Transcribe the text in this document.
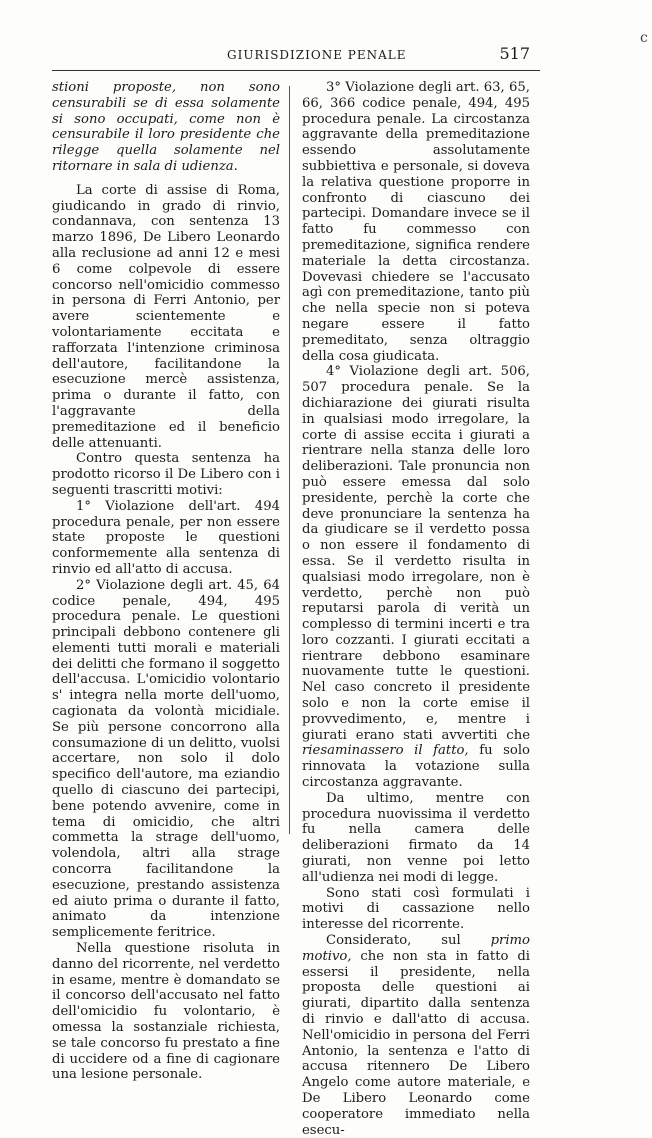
c
GIURISDIZIONE PENALE	517

stioni proposte, non sono censurabili se di essa solamente si sono occupati, come non è censurabile il loro presidente che rilegge quella solamente nel ritornare in sala di udienza.

La corte di assise di Roma, giudicando in grado di rinvio, condannava, con sentenza 13 marzo 1896, De Libero Leonardo alla reclusione ad anni 12 e mesi 6 come colpevole di essere concorso nell'omicidio commesso in persona di Ferri Antonio, per avere scientemente e volontariamente eccitata e rafforzata l'intenzione criminosa dell'autore, facilitandone la esecuzione mercè assistenza, prima o durante il fatto, con l'aggravante della premeditazione ed il beneficio delle attenuanti.

Contro questa sentenza ha prodotto ricorso il De Libero con i seguenti trascritti motivi:

1° Violazione dell'art. 494 procedura penale, per non essere state proposte le questioni conformemente alla sentenza di rinvio ed all'atto di accusa.

2° Violazione degli art. 45, 64 codice penale, 494, 495 procedura penale. Le questioni principali debbono contenere gli elementi tutti morali e materiali dei delitti che formano il soggetto dell'accusa. L'omicidio volontario s' integra nella morte dell'uomo, cagionata da volontà micidiale. Se più persone concorrono alla consumazione di un delitto, vuolsi accertare, non solo il dolo specifico dell'autore, ma eziandio quello di ciascuno dei partecipi, bene potendo avvenire, come in tema di omicidio, che altri commetta la strage dell'uomo, volendola, altri alla strage concorra facilitandone la esecuzione, prestando assistenza ed aiuto prima o durante il fatto, animato da intenzione semplicemente feritrice.

Nella questione risoluta in danno del ricorrente, nel verdetto in esame, mentre è domandato se il concorso dell'accusato nel fatto dell'omicidio fu volontario, è omessa la sostanziale richiesta, se tale concorso fu prestato a fine di uccidere od a fine di cagionare una lesione personale.

3° Violazione degli art. 63, 65, 66, 366 codice penale, 494, 495 procedura penale. La circostanza aggravante della premeditazione essendo assolutamente subbiettiva e personale, si doveva la relativa questione proporre in confronto di ciascuno dei partecipi. Domandare invece se il fatto fu commesso con premeditazione, significa rendere materiale la detta circostanza. Dovevasi chiedere se l'accusato agì con premeditazione, tanto più che nella specie non si poteva negare essere il fatto premeditato, senza oltraggio della cosa giudicata.

4° Violazione degli art. 506, 507 procedura penale. Se la dichiarazione dei giurati risulta in qualsiasi modo irregolare, la corte di assise eccita i giurati a rientrare nella stanza delle loro deliberazioni. Tale pronuncia non può essere emessa dal solo presidente, perchè la corte che deve pronunciare la sentenza ha da giudicare se il verdetto possa o non essere il fondamento di essa. Se il verdetto risulta in qualsiasi modo irregolare, non è verdetto, perchè non può reputarsi parola di verità un complesso di termini incerti e tra loro cozzanti. I giurati eccitati a rientrare debbono esaminare nuovamente tutte le questioni. Nel caso concreto il presidente solo e non la corte emise il provvedimento, e, mentre i giurati erano stati avvertiti che riesaminassero il fatto, fu solo rinnovata la votazione sulla circostanza aggravante.

Da ultimo, mentre con procedura nuovissima il verdetto fu nella camera delle deliberazioni firmato da 14 giurati, non venne poi letto all'udienza nei modi di legge.

Sono stati così formulati i motivi di cassazione nello interesse del ricorrente.

Considerato, sul primo motivo, che non sta in fatto di essersi il presidente, nella proposta delle questioni ai giurati, dipartito dalla sentenza di rinvio e dall'atto di accusa. Nell'omicidio in persona del Ferri Antonio, la sentenza e l'atto di accusa ritennero De Libero Angelo come autore materiale, e De Libero Leonardo come cooperatore immediato nella esecu-
